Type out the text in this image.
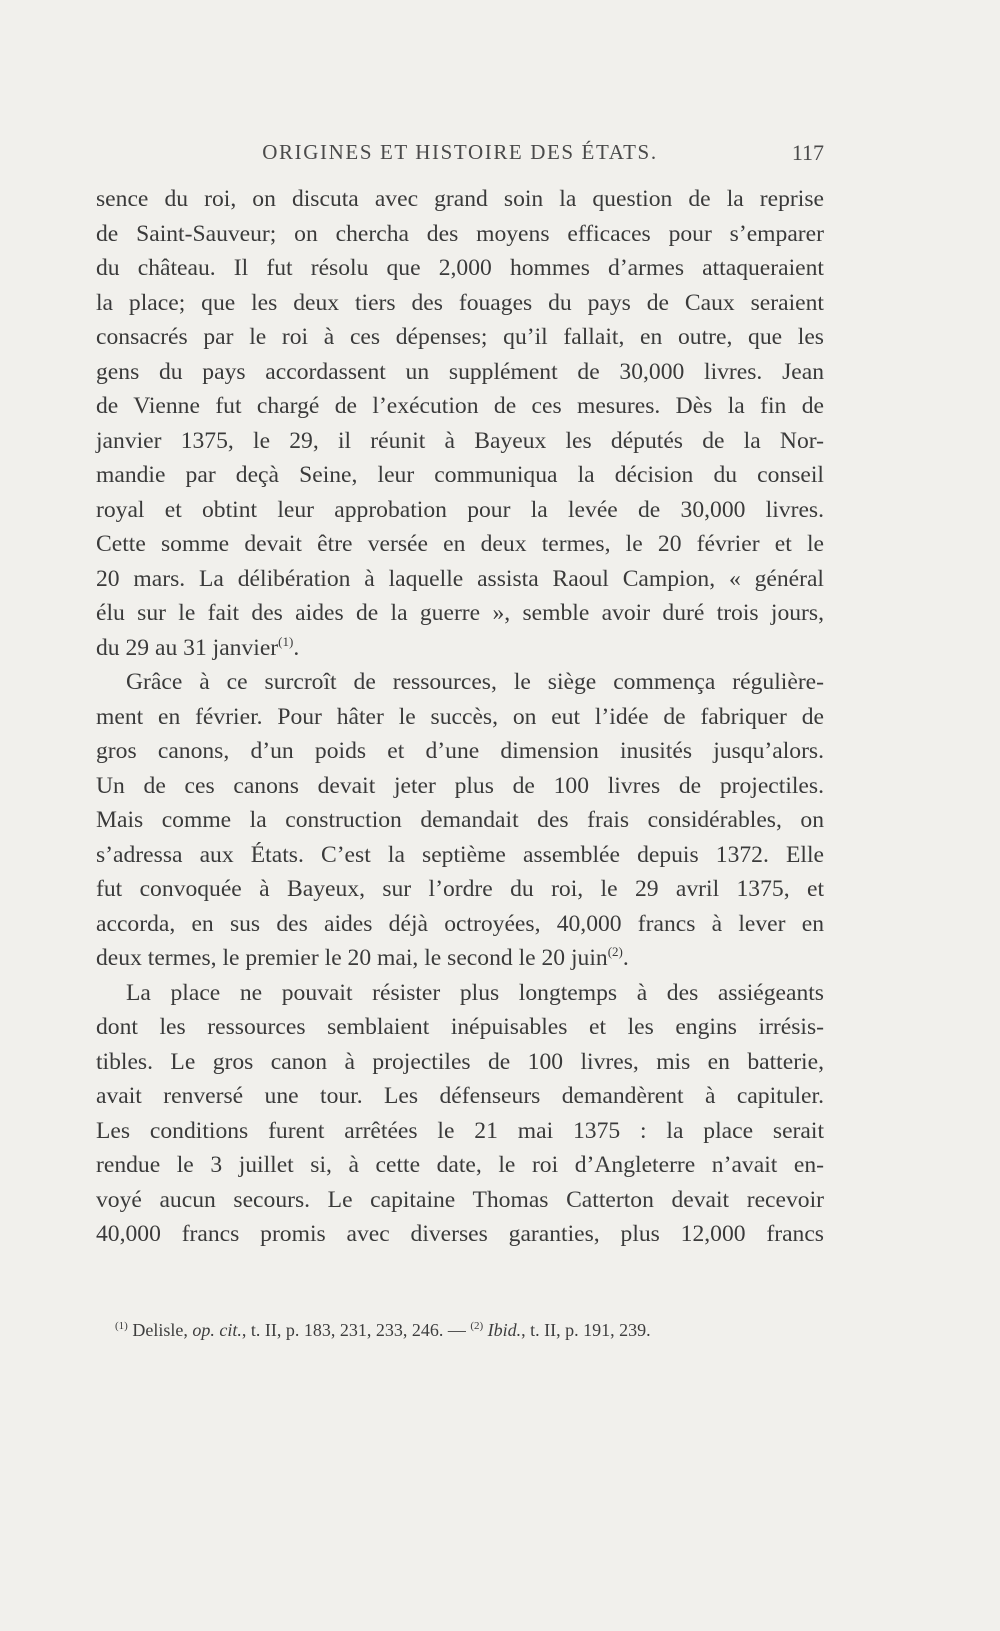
ORIGINES ET HISTOIRE DES ÉTATS.	117
sence du roi, on discuta avec grand soin la question de la reprise
de Saint-Sauveur; on chercha des moyens efficaces pour s’emparer
du château. Il fut résolu que 2,000 hommes d’armes attaqueraient
la place; que les deux tiers des fouages du pays de Caux seraient
consacrés par le roi à ces dépenses; qu’il fallait, en outre, que les
gens du pays accordassent un supplément de 30,000 livres. Jean
de Vienne fut chargé de l’exécution de ces mesures. Dès la fin de
janvier 1375, le 29, il réunit à Bayeux les députés de la Nor-
mandie par deçà Seine, leur communiqua la décision du conseil
royal et obtint leur approbation pour la levée de 30,000 livres.
Cette somme devait être versée en deux termes, le 20 février et le
20 mars. La délibération à laquelle assista Raoul Campion, « général
élu sur le fait des aides de la guerre », semble avoir duré trois jours,
du 29 au 31 janvier$^{(1)}$.
Grâce à ce surcroît de ressources, le siège commença régulière-
ment en février. Pour hâter le succès, on eut l’idée de fabriquer de
gros canons, d’un poids et d’une dimension inusités jusqu’alors.
Un de ces canons devait jeter plus de 100 livres de projectiles.
Mais comme la construction demandait des frais considérables, on
s’adressa aux États. C’est la septième assemblée depuis 1372. Elle
fut convoquée à Bayeux, sur l’ordre du roi, le 29 avril 1375, et
accorda, en sus des aides déjà octroyées, 40,000 francs à lever en
deux termes, le premier le 20 mai, le second le 20 juin$^{(2)}$.
La place ne pouvait résister plus longtemps à des assiégeants
dont les ressources semblaient inépuisables et les engins irrésis-
tibles. Le gros canon à projectiles de 100 livres, mis en batterie,
avait renversé une tour. Les défenseurs demandèrent à capituler.
Les conditions furent arrêtées le 21 mai 1375 : la place serait
rendue le 3 juillet si, à cette date, le roi d’Angleterre n’avait en-
voyé aucun secours. Le capitaine Thomas Catterton devait recevoir
40,000 francs promis avec diverses garanties, plus 12,000 francs
$^{(1)}$ Delisle, op. cit., t. II, p. 183, 231, 233, 246. — $^{(2)}$ Ibid., t. II, p. 191, 239.
